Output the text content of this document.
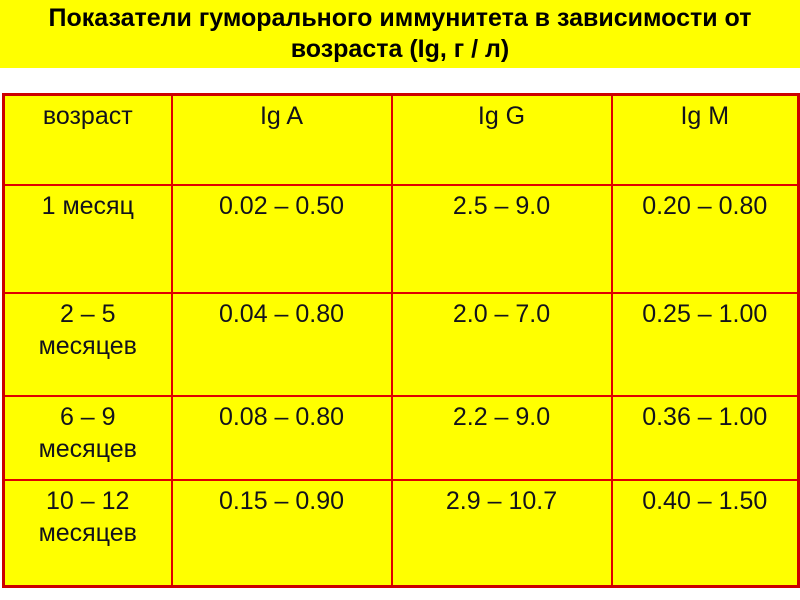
Показатели гуморального иммунитета в зависимости от возраста (Ig, г / л)
возраст	Ig A	Ig G	Ig M
1 месяц	0.02 – 0.50	2.5 – 9.0	0.20 – 0.80
2 – 5 месяцев	0.04 – 0.80	2.0 – 7.0	0.25 – 1.00
6 – 9 месяцев	0.08 – 0.80	2.2 – 9.0	0.36 – 1.00
10 – 12 месяцев	0.15 – 0.90	2.9 – 10.7	0.40 – 1.50
